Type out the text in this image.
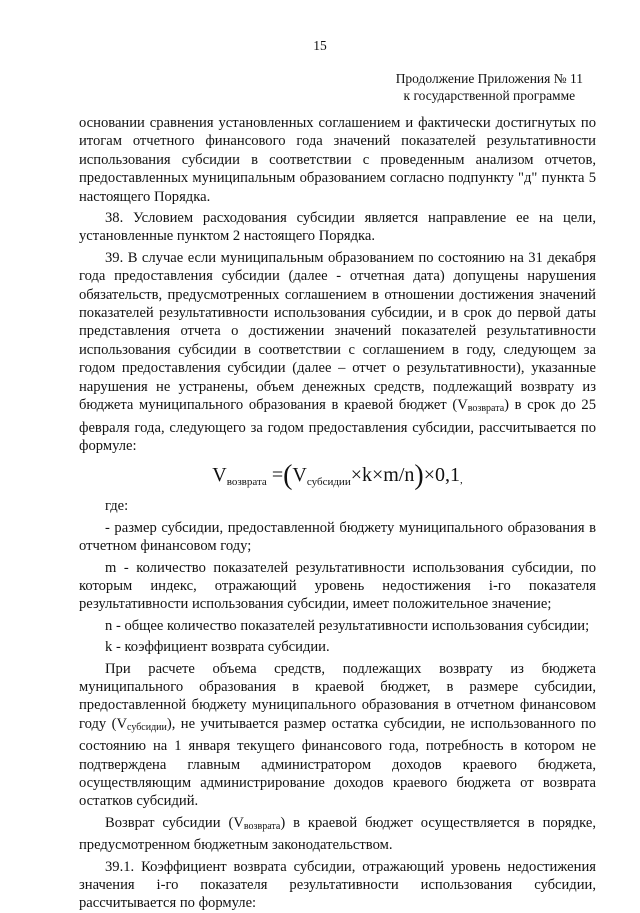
15
Продолжение Приложения № 11
к государственной программе

основании сравнения установленных соглашением и фактически достигнутых по итогам отчетного финансового года значений показателей результативности использования субсидии в соответствии с проведенным анализом отчетов, предоставленных муниципальным образованием согласно подпункту "д" пункта 5 настоящего Порядка.

38. Условием расходования субсидии является направление ее на цели, установленные пунктом 2 настоящего Порядка.

39. В случае если муниципальным образованием по состоянию на 31 декабря года предоставления субсидии (далее - отчетная дата) допущены нарушения обязательств, предусмотренных соглашением в отношении достижения значений показателей результативности использования субсидии, и в срок до первой даты представления отчета о достижении значений показателей результативности использования субсидии в соответствии с соглашением в году, следующем за годом предоставления субсидии (далее – отчет о результативности), указанные нарушения не устранены, объем денежных средств, подлежащий возврату из бюджета муниципального образования в краевой бюджет (Vвозврата) в срок до 25 февраля года, следующего за годом предоставления субсидии, рассчитывается по формуле:

$V_{возврата} =(V_{субсидии}\times k\times m/n)\times 0,1$,

где:

- размер субсидии, предоставленной бюджету муниципального образования в отчетном финансовом году;

m - количество показателей результативности использования субсидии, по которым индекс, отражающий уровень недостижения i-го показателя результативности использования субсидии, имеет положительное значение;

n - общее количество показателей результативности использования субсидии;

k - коэффициент возврата субсидии.

При расчете объема средств, подлежащих возврату из бюджета муниципального образования в краевой бюджет, в размере субсидии, предоставленной бюджету муниципального образования в отчетном финансовом году (Vсубсидии), не учитывается размер остатка субсидии, не использованного по состоянию на 1 января текущего финансового года, потребность в котором не подтверждена главным администратором доходов краевого бюджета, осуществляющим администрирование доходов краевого бюджета от возврата остатков субсидий.

Возврат субсидии (Vвозврата) в краевой бюджет осуществляется в порядке, предусмотренном бюджетным законодательством.

39.1. Коэффициент возврата субсидии, отражающий уровень недостижения значения i-го показателя результативности использования субсидии, рассчитывается по формуле:
